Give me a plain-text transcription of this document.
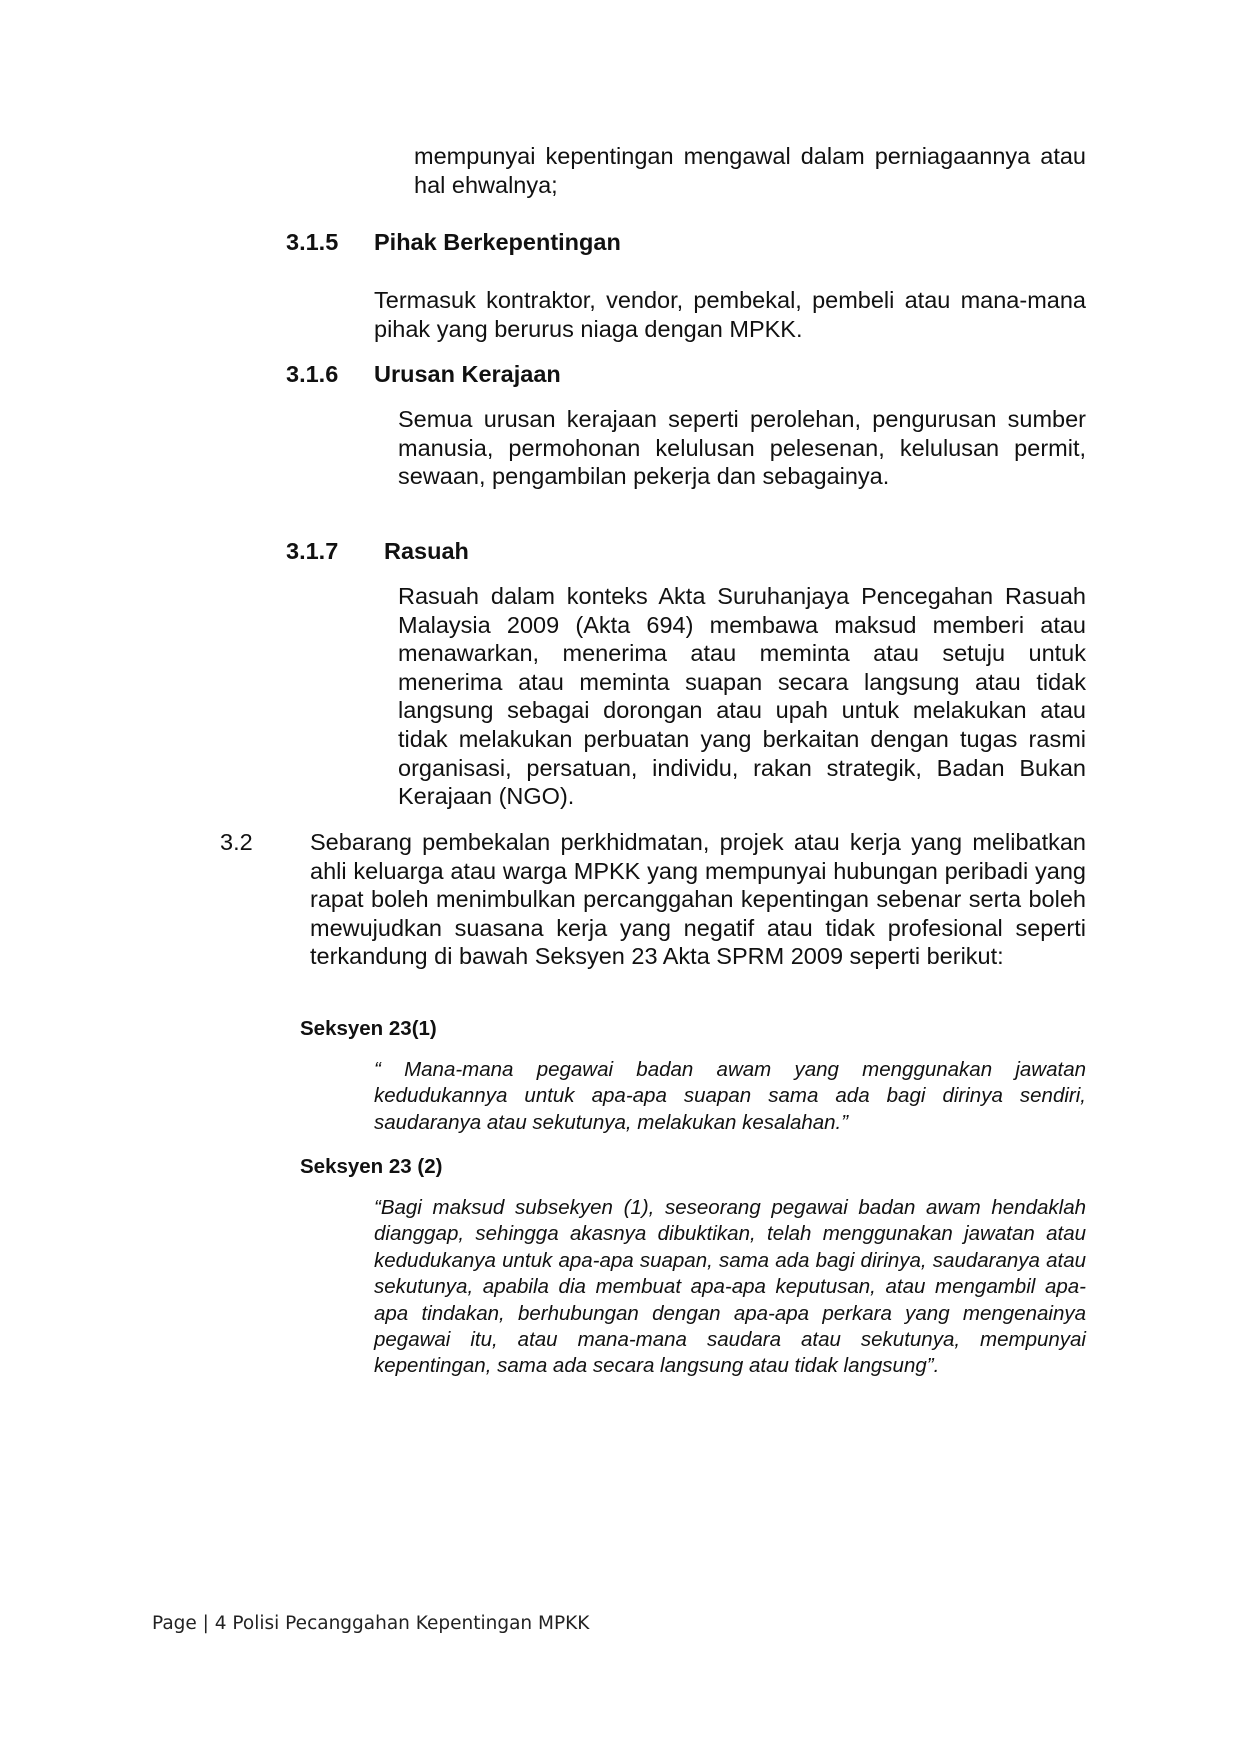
mempunyai kepentingan mengawal dalam perniagaannya atau hal ehwalnya;

3.1.5 Pihak Berkepentingan

Termasuk kontraktor, vendor, pembekal, pembeli atau mana-mana pihak yang berurus niaga dengan MPKK.

3.1.6 Urusan Kerajaan

Semua urusan kerajaan seperti perolehan, pengurusan sumber manusia, permohonan kelulusan pelesenan, kelulusan permit, sewaan, pengambilan pekerja dan sebagainya.

3.1.7 Rasuah

Rasuah dalam konteks Akta Suruhanjaya Pencegahan Rasuah Malaysia 2009 (Akta 694) membawa maksud memberi atau menawarkan, menerima atau meminta atau setuju untuk menerima atau meminta suapan secara langsung atau tidak langsung sebagai dorongan atau upah untuk melakukan atau tidak melakukan perbuatan yang berkaitan dengan tugas rasmi organisasi, persatuan, individu, rakan strategik, Badan Bukan Kerajaan (NGO).

3.2 Sebarang pembekalan perkhidmatan, projek atau kerja yang melibatkan ahli keluarga atau warga MPKK yang mempunyai hubungan peribadi yang rapat boleh menimbulkan percanggahan kepentingan sebenar serta boleh mewujudkan suasana kerja yang negatif atau tidak profesional seperti terkandung di bawah Seksyen 23 Akta SPRM 2009 seperti berikut:

Seksyen 23(1)

“ Mana-mana pegawai badan awam yang menggunakan jawatan kedudukannya untuk apa-apa suapan sama ada bagi dirinya sendiri, saudaranya atau sekutunya, melakukan kesalahan.”

Seksyen 23 (2)

“Bagi maksud subsekyen (1), seseorang pegawai badan awam hendaklah dianggap, sehingga akasnya dibuktikan, telah menggunakan jawatan atau kedudukanya untuk apa-apa suapan, sama ada bagi dirinya, saudaranya atau sekutunya, apabila dia membuat apa-apa keputusan, atau mengambil apa-apa tindakan, berhubungan dengan apa-apa perkara yang mengenainya pegawai itu, atau mana-mana saudara atau sekutunya, mempunyai kepentingan, sama ada secara langsung atau tidak langsung”.

Page | 4 Polisi Pecanggahan Kepentingan MPKK
